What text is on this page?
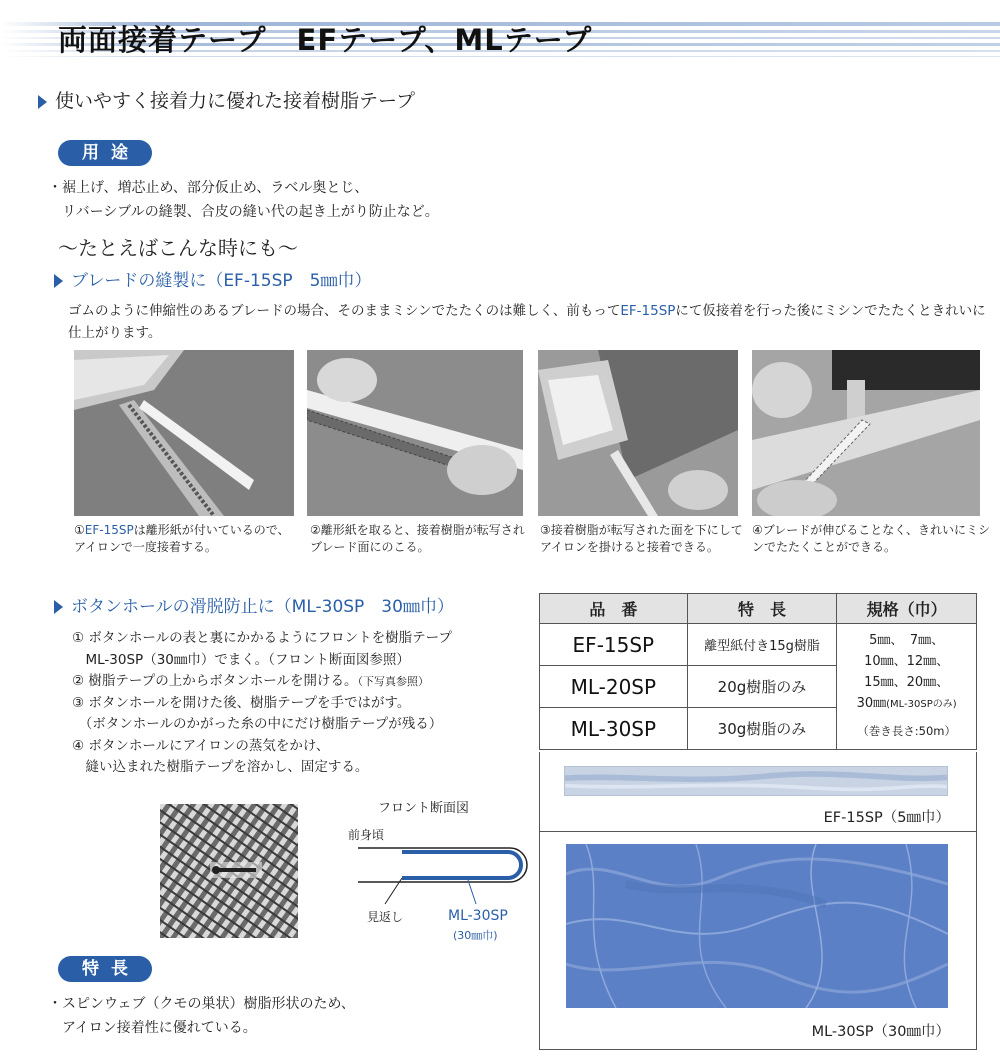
両面接着テープ　EFテープ、MLテープ
使いやすく接着力に優れた接着樹脂テープ
用途
・裾上げ、増芯止め、部分仮止め、ラベル奥とじ、
　リバーシブルの縫製、合皮の縫い代の起き上がり防止など。
〜たとえばこんな時にも〜
ブレードの縫製に（EF-15SP　5㎜巾）
ゴムのように伸縮性のあるブレードの場合、そのままミシンでたたくのは難しく、前もってEF-15SPにて仮接着を行った後にミシンでたたくときれいに仕上がります。
①EF-15SPは離形紙が付いているので、アイロンで一度接着する。
②離形紙を取ると、接着樹脂が転写されブレード面にのこる。
③接着樹脂が転写された面を下にしてアイロンを掛けると接着できる。
④ブレードが伸びることなく、きれいにミシンでたたくことができる。
ボタンホールの滑脱防止に（ML-30SP　30㎜巾）
① ボタンホールの表と裏にかかるようにフロントを樹脂テープ
　ML-30SP（30㎜巾）でまく。（フロント断面図参照）
② 樹脂テープの上からボタンホールを開ける。（下写真参照）
③ ボタンホールを開けた後、樹脂テープを手ではがす。
　（ボタンホールのかがった糸の中にだけ樹脂テープが残る）
④ ボタンホールにアイロンの蒸気をかけ、
　縫い込まれた樹脂テープを溶かし、固定する。
フロント断面図
前身頃
見返し	ML-30SP
(30㎜巾)
特長
・スピンウェブ（クモの巣状）樹脂形状のため、
　アイロン接着性に優れている。
品　番	特　長	規格（巾）
EF-15SP	離型紙付き15g樹脂	5㎜、　7㎜、
10㎜、12㎜、
15㎜、20㎜、
30㎜(ML-30SPのみ)
（巻き長さ:50m）

ML-20SP	20g樹脂のみ	
ML-30SP	30g樹脂のみ	
EF-15SP（5㎜巾）
ML-30SP（30㎜巾）
